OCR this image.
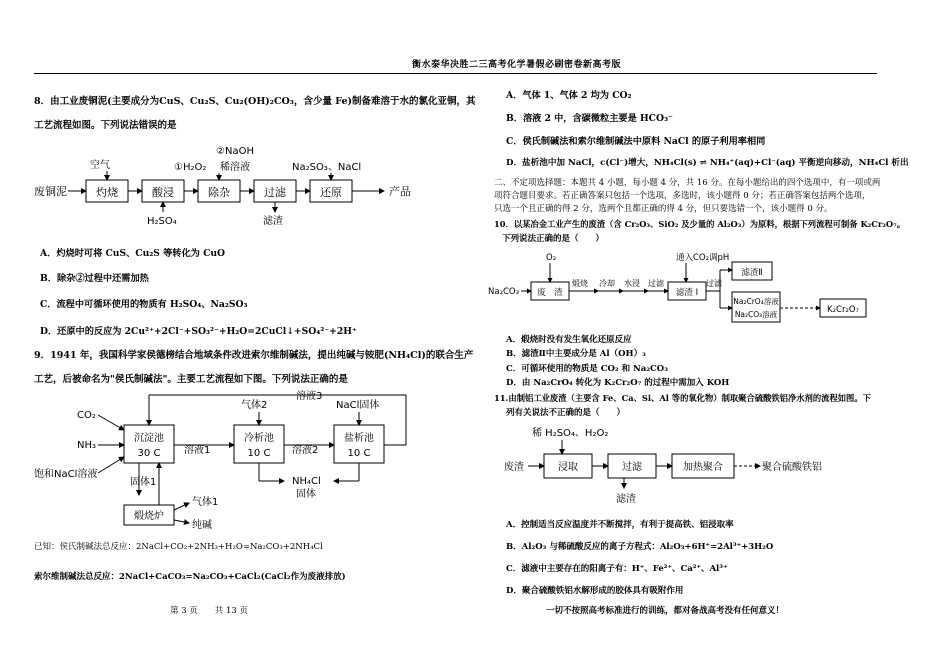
衡水泰华决胜二三高考化学暑假必刷密卷新高考版
8．由工业废铜泥(主要成分为CuS、Cu₂S、Cu₂(OH)₂CO₃，含少量 Fe)制备难溶于水的氯化亚铜，其
工艺流程如图。下列说法错误的是
废铜泥	灼烧
空气
酸浸
H₂SO₄
除杂
①H₂O₂
②NaOH
稀溶液
过滤
滤渣
还原
Na₂SO₃、NaCl
产品
A．灼烧时可将 CuS、Cu₂S 等转化为 CuO
B．除杂②过程中还需加热
C．流程中可循环使用的物质有 H₂SO₄、Na₂SO₃
D．还原中的反应为 2Cu²⁺+2Cl⁻+SO₃²⁻+H₂O=2CuCl↓+SO₄²⁻+2H⁺
9．1941 年，我国科学家侯德榜结合地域条件改进索尔维制碱法，提出纯碱与铵肥(NH₄Cl)的联合生产
工艺，后被命名为"侯氏制碱法"。主要工艺流程如下图。下列说法正确的是
CO₂
NH₃
饱和NaCl溶液
沉淀池
30 C 溶液1
冷析池
10 C
气体2
溶液2
盐析池
10 C
NaCl固体
溶液3
NH₄Cl
固体
固体1
煅烧炉
气体1
纯碱
已知：侯氏制碱法总反应：2NaCl+CO₂+2NH₃+H₂O=Na₂CO₃+2NH₄Cl
索尔维制碱法总反应：2NaCl+CaCO₃=Na₂CO₃+CaCl₂(CaCl₂作为废液排放)
第 3 页　　共 13 页
A．气体 1、气体 2 均为 CO₂
B．溶液 2 中，含碳微粒主要是 HCO₃⁻
C．侯氏制碱法和索尔维制碱法中原料 NaCl 的原子利用率相同
D．盐析池中加 NaCl，c(Cl⁻)增大，NH₄Cl(s) ⇌ NH₄⁺(aq)+Cl⁻(aq) 平衡逆向移动，NH₄Cl 析出
二、不定项选择题：本题共 4 小题，每小题 4 分，共 16 分。在每小题给出的四个选项中，有一项或两
项符合题目要求。若正确答案只包括一个选项，多选时，该小题得 0 分；若正确答案包括两个选项，
只选一个且正确的得 2 分，选两个且都正确的得 4 分，但只要选错一个，该小题得 0 分。
10．以某冶金工业产生的废渣（含 Cr₂O₃、SiO₂ 及少量的 Al₂O₃）为原料，根据下列流程可制备 K₂Cr₂O₇。
下列说法正确的是（　　）
Na₂CO₃
O₂
废　渣
煅烧 冷却 水浸 过滤
通入CO₂调pH
滤渣 I
过滤
滤渣Ⅱ
Na₂CrO₄溶液
Na₂CO₃溶液	K₂Cr₂O₇
A．煅烧时没有发生氧化还原反应
B．滤渣Ⅱ中主要成分是 Al（OH）₃
C．可循环使用的物质是 CO₂ 和 Na₂CO₃
D．由 Na₂CrO₄ 转化为 K₂Cr₂O₇ 的过程中需加入 KOH
11.由制铝工业废渣（主要含 Fe、Ca、Si、Al 等的氧化物）制取聚合硫酸铁铝净水剂的流程如图。下
列有关说法不正确的是（　　）
稀 H₂SO₄、H₂O₂
废渣	浸取	过滤
滤渣
加热聚合	聚合硫酸铁铝
A．控制适当反应温度并不断搅拌，有利于提高铁、铝浸取率
B．Al₂O₃ 与稀硫酸反应的离子方程式：Al₂O₃+6H⁺=2Al³⁺+3H₂O
C．滤液中主要存在的阳离子有：H⁺、Fe²⁺、Ca²⁺、Al³⁺
D．聚合硫酸铁铝水解形成的胶体具有吸附作用
一切不按照高考标准进行的训练，都对备战高考没有任何意义！
